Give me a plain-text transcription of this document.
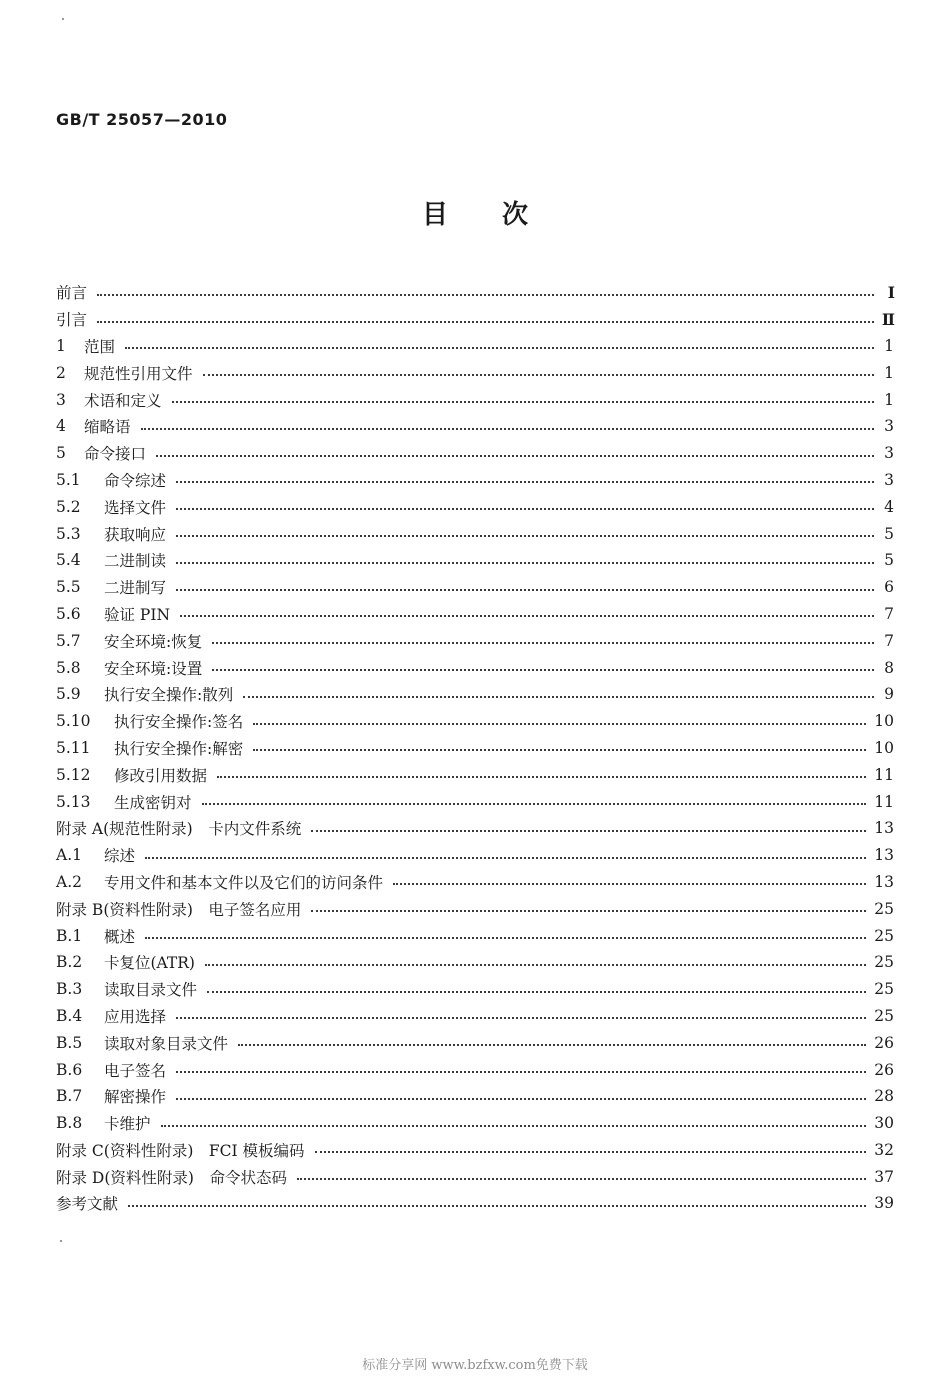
GB/T 25057—2010
目 次
前言	Ⅰ
引言	Ⅱ
1	范围	1
2	规范性引用文件	1
3	术语和定义	1
4	缩略语	3
5	命令接口	3
5.1	命令综述	3
5.2	选择文件	4
5.3	获取响应	5
5.4	二进制读	5
5.5	二进制写	6
5.6	验证 PIN	7
5.7	安全环境:恢复	7
5.8	安全环境:设置	8
5.9	执行安全操作:散列	9
5.10	执行安全操作:签名	10
5.11	执行安全操作:解密	10
5.12	修改引用数据	11
5.13	生成密钥对	11
附录 A(规范性附录)　卡内文件系统	13
A.1	综述	13
A.2	专用文件和基本文件以及它们的访问条件	13
附录 B(资料性附录)　电子签名应用	25
B.1	概述	25
B.2	卡复位(ATR)	25
B.3	读取目录文件	25
B.4	应用选择	25
B.5	读取对象目录文件	26
B.6	电子签名	26
B.7	解密操作	28
B.8	卡维护	30
附录 C(资料性附录)　FCI 模板编码	32
附录 D(资料性附录)　命令状态码	37
参考文献	39
标准分享网 www.bzfxw.com免费下载
